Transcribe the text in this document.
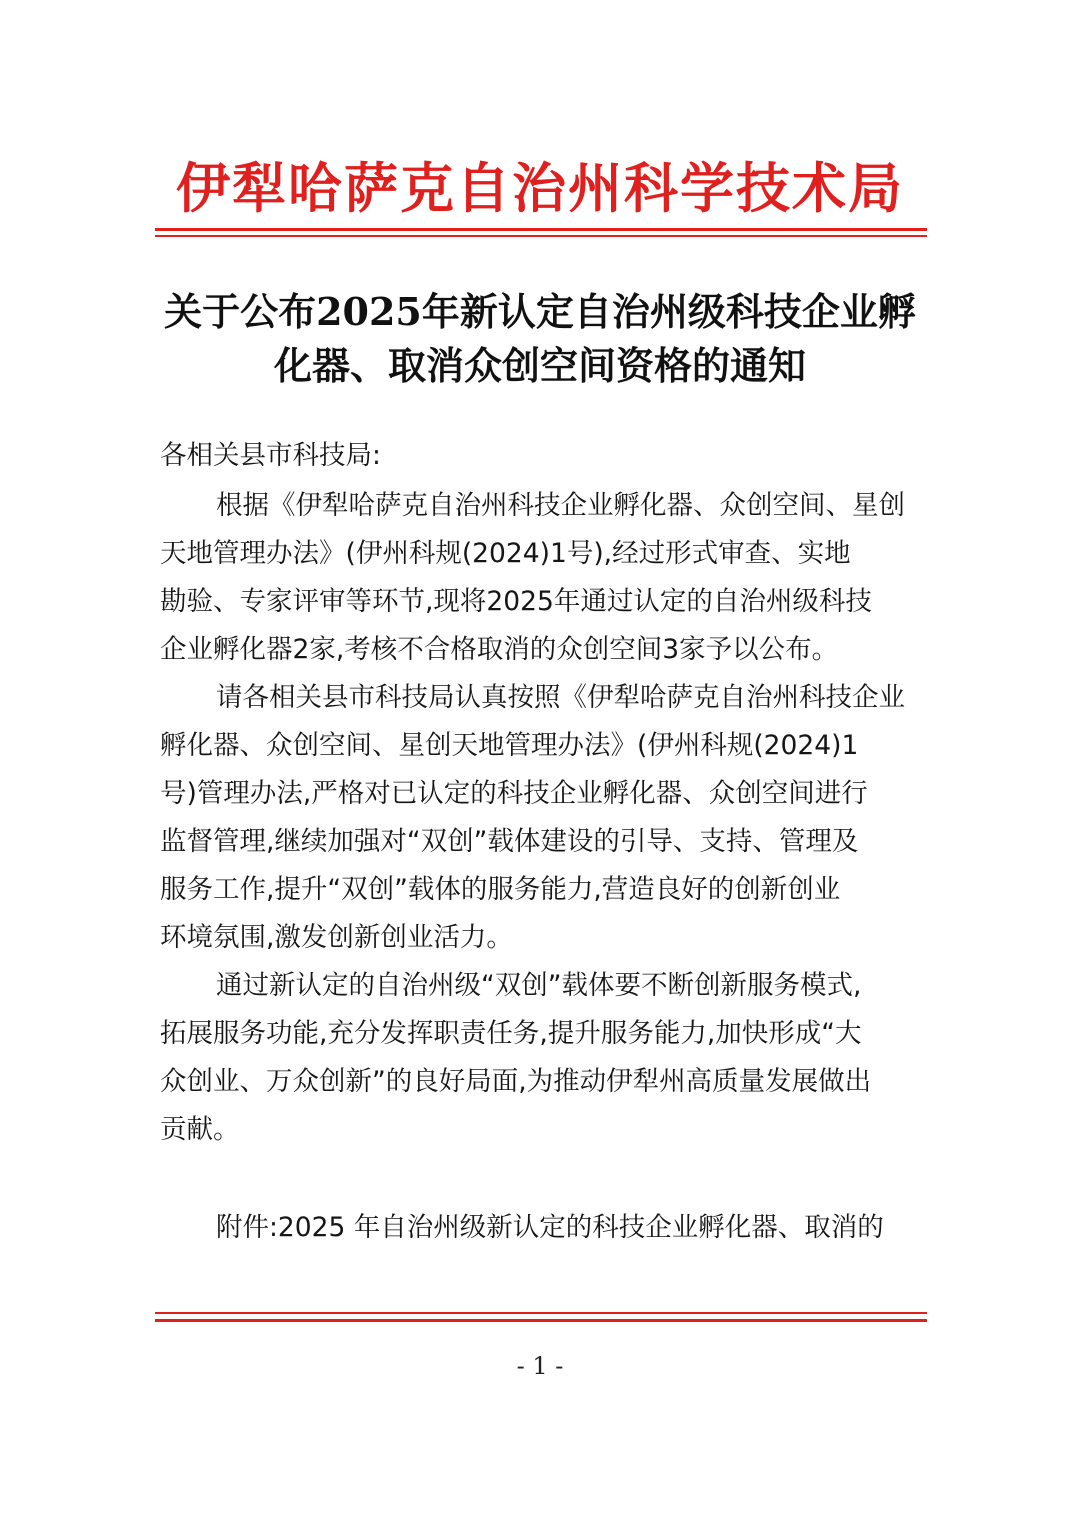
伊犁哈萨克自治州科学技术局
关于公布2025年新认定自治州级科技企业孵
化器、取消众创空间资格的通知
各相关县市科技局:
根据《伊犁哈萨克自治州科技企业孵化器、众创空间、星创
天地管理办法》(伊州科规(2024)1号),经过形式审查、实地
勘验、专家评审等环节,现将2025年通过认定的自治州级科技
企业孵化器2家,考核不合格取消的众创空间3家予以公布。
请各相关县市科技局认真按照《伊犁哈萨克自治州科技企业
孵化器、众创空间、星创天地管理办法》(伊州科规(2024)1
号)管理办法,严格对已认定的科技企业孵化器、众创空间进行
监督管理,继续加强对“双创”载体建设的引导、支持、管理及
服务工作,提升“双创”载体的服务能力,营造良好的创新创业
环境氛围,激发创新创业活力。
通过新认定的自治州级“双创”载体要不断创新服务模式,
拓展服务功能,充分发挥职责任务,提升服务能力,加快形成“大
众创业、万众创新”的良好局面,为推动伊犁州高质量发展做出
贡献。
附件:2025 年自治州级新认定的科技企业孵化器、取消的
- 1 -
